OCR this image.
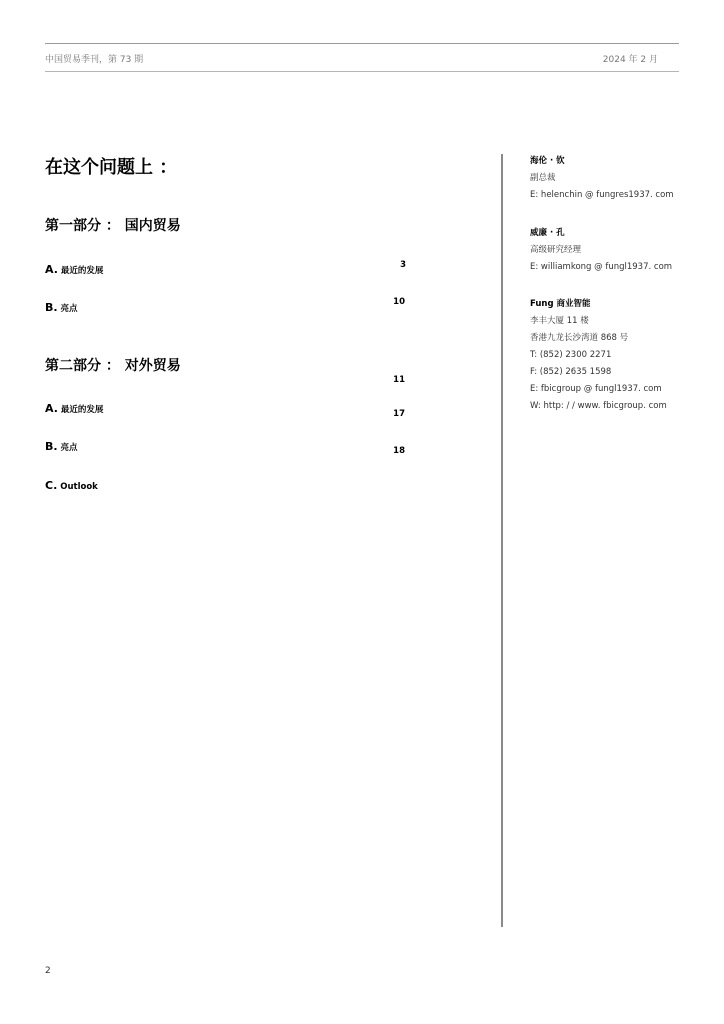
中国贸易季刊，第 73 期	2024 年 2 月
在这个问题上 ：
第一部分 ： 国内贸易
A. 最近的发展
B. 亮点
第二部分 ： 对外贸易
A. 最近的发展
B. 亮点
C. Outlook
3
10
11
17
18
海伦 · 钦
副总裁
E: helenchin @ fungres1937. com
威廉 · 孔
高级研究经理
E: williamkong @ fungl1937. com
Fung 商业智能
李丰大厦 11 楼
香港九龙长沙湾道 868 号
T: (852) 2300 2271
F: (852) 2635 1598
E: fbicgroup @ fungl1937. com
W: http: / / www. fbicgroup. com
2
